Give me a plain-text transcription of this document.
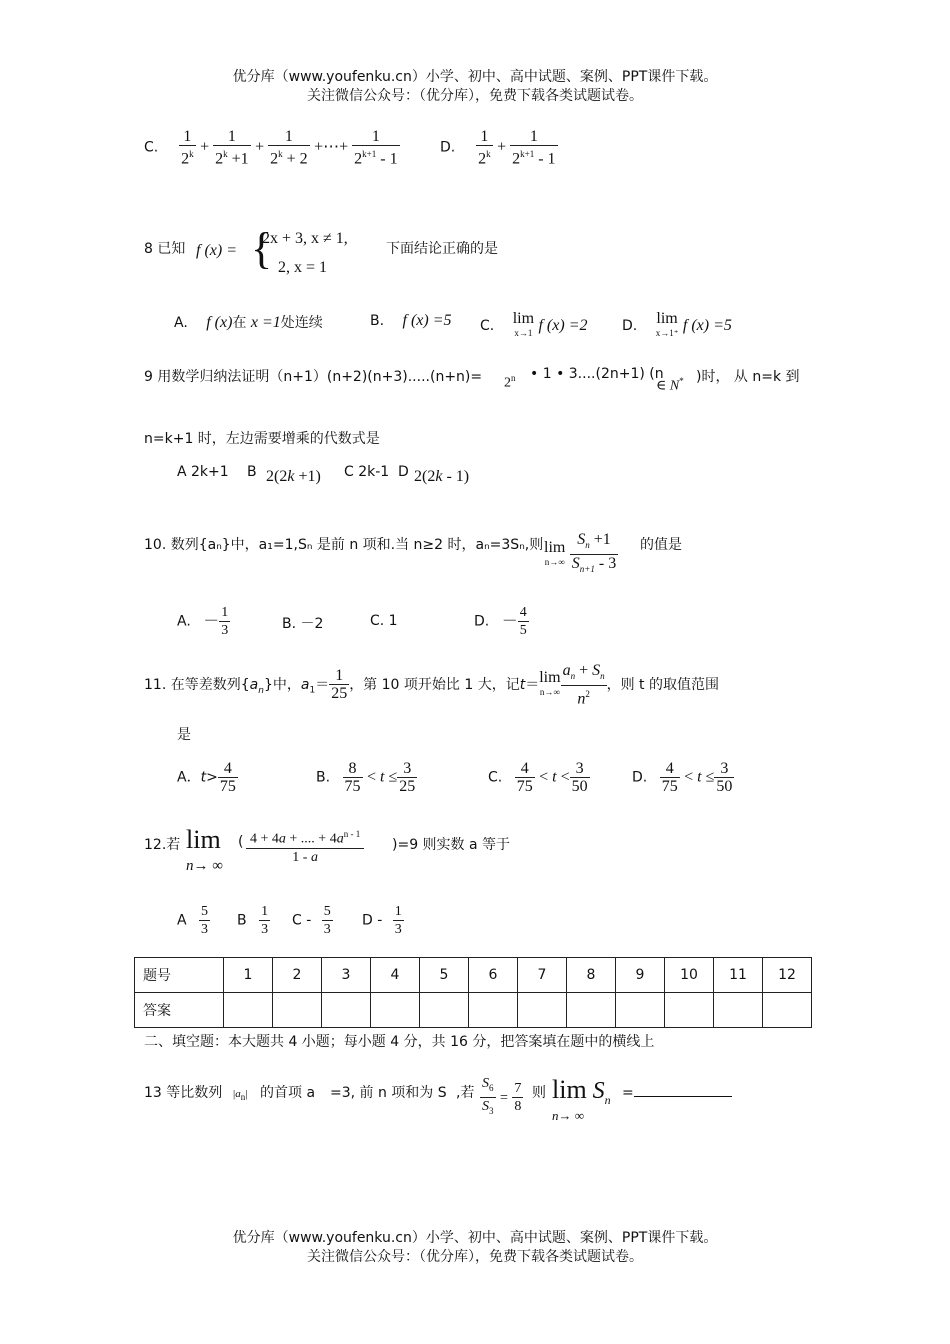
优分库（www.youfenku.cn）小学、初中、高中试题、案例、PPT课件下载。
关注微信公众号：（优分库），免费下载各类试题试卷。
C. $\frac{1}{2^k} + \frac{1}{2^k +1} + \frac{1}{2^k + 2}$ +⋯+ $\frac{1}{2^{k+1} - 1}$	D. $\frac{1}{2^k} + \frac{1}{2^{k+1} - 1}$
8 已知 f (x) = {
2x + 3, x ≠ 1,
2, x = 1
下面结论正确的是
A. f (x)在 x =1处连续	B. f (x) =5 C. lim
x→1 f (x) =2 D. lim
x→1⁺ f (x) =5
9 用数学归纳法证明$(n+1)(n+2)(n+3).....(n+n)= 2^n$ • 1 • 3....(2n+1) (n
∈ N* )时， 从 n=k 到
n=k+1 时，左边需要增乘的代数式是
A 2k+1 B 2(2k +1) C 2k-1 D 2(2k - 1)
10. 数列{aₙ}中，a₁=1,Sₙ 是前 n 项和.当 n≥2 时，aₙ=3Sₙ,则 lim
n→∞
$\frac{S_n +1}{S_{n+1} - 3}$ 的值是
A. － $\frac{1}{3}$	B. －2	C. 1	D. － $\frac{4}{5}$
11. 在等差数列$\{a_n\}$中，$a_1= \frac{1}{25}$ ，第 10 项开始比 1 大，记t＝ lim
$n\to\infty \frac{a_n + S_n}{n^2}$ ，则 t 的取值范围
是
A．$t> \frac{4}{75}$	B. $\frac{8}{75} < t \le \frac{3}{25}$	C. $\frac{4}{75} < t < \frac{3}{50}$	D. $\frac{4}{75} < t \le \frac{3}{50}$
12.若 lim
n→ ∞
( $\frac{4 + 4a + .... + 4a^{n - 1}}{1 - a} )=9$ 则实数 a 等于
A $\frac{5}{3}$ B $\frac{1}{3}$ C - $\frac{5}{3}$ D - $\frac{1}{3}$
题号	1	2	3	4	5	6	7	8	9	10	11	12
答案												
二、填空题：本大题共 4 小题；每小题 4 分，共 16 分，把答案填在题中的横线上
13 等比数列 $|a_n|$ 的首项 a =3, 前 n 项和为 S ,若 $\frac{S_6}{S_3} = \frac{7}{8}$ 则 $\lim S_n$
n→ ∞
=
优分库（www.youfenku.cn）小学、初中、高中试题、案例、PPT课件下载。
关注微信公众号：（优分库），免费下载各类试题试卷。
